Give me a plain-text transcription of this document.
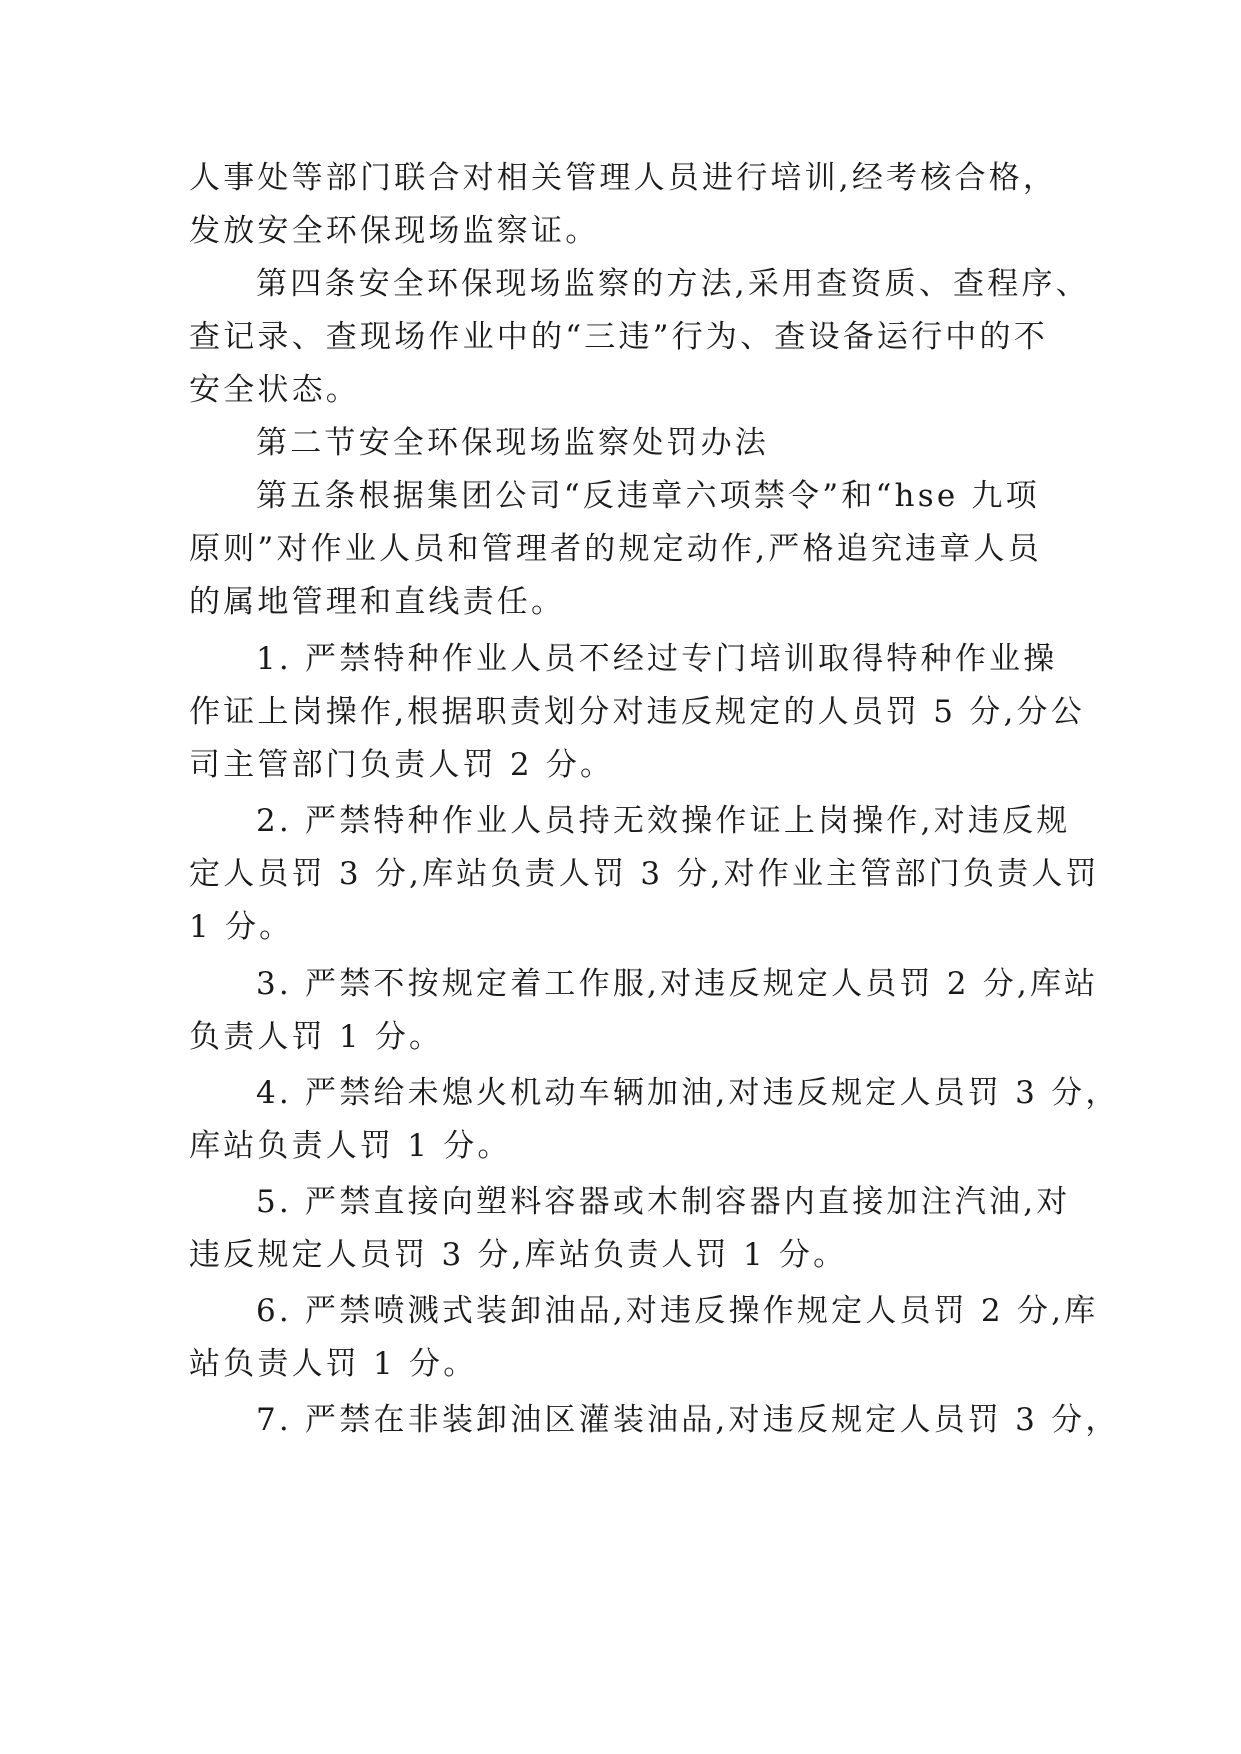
人事处等部门联合对相关管理人员进行培训,经考核合格，
发放安全环保现场监察证。
第四条安全环保现场监察的方法,采用查资质、查程序、
查记录、查现场作业中的“三违”行为、查设备运行中的不
安全状态。
第二节安全环保现场监察处罚办法
第五条根据集团公司“反违章六项禁令”和“hse 九项
原则”对作业人员和管理者的规定动作,严格追究违章人员
的属地管理和直线责任。
1. 严禁特种作业人员不经过专门培训取得特种作业操
作证上岗操作,根据职责划分对违反规定的人员罚 5 分,分公
司主管部门负责人罚 2 分。
2. 严禁特种作业人员持无效操作证上岗操作,对违反规
定人员罚 3 分,库站负责人罚 3 分,对作业主管部门负责人罚
1 分。
3. 严禁不按规定着工作服,对违反规定人员罚 2 分,库站
负责人罚 1 分。
4. 严禁给未熄火机动车辆加油,对违反规定人员罚 3 分，
库站负责人罚 1 分。
5. 严禁直接向塑料容器或木制容器内直接加注汽油,对
违反规定人员罚 3 分,库站负责人罚 1 分。
6. 严禁喷溅式装卸油品,对违反操作规定人员罚 2 分,库
站负责人罚 1 分。
7. 严禁在非装卸油区灌装油品,对违反规定人员罚 3 分，
